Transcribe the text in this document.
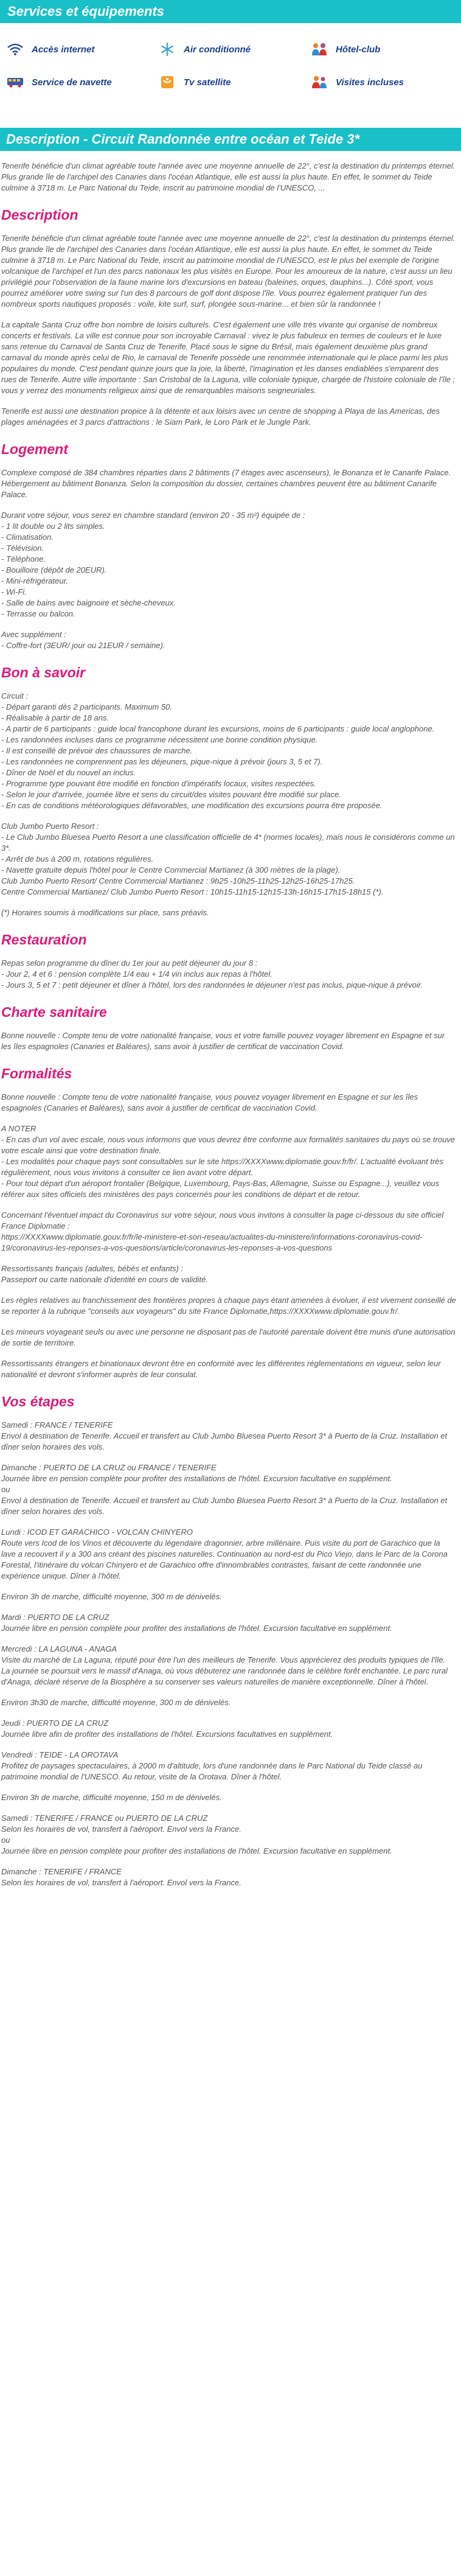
Services et équipements
Accès internet	Air conditionné	Hôtel-club
Service de navette	Tv satellite	Visites incluses
Description - Circuit Randonnée entre océan et Teide 3*

Tenerife bénéficie d'un climat agréable toute l'année avec une moyenne annuelle de 22°, c'est la destination du printemps éternel. Plus grande île de l'archipel des Canaries dans l'océan Atlantique, elle est aussi la plus haute. En effet, le sommet du Teide culmine à 3718 m. Le Parc National du Teide, inscrit au patrimoine mondial de l'UNESCO, ...

Description

Tenerife bénéficie d'un climat agréable toute l'année avec une moyenne annuelle de 22°, c'est la destination du printemps éternel. Plus grande île de l'archipel des Canaries dans l'océan Atlantique, elle est aussi la plus haute. En effet, le sommet du Teide culmine à 3718 m. Le Parc National du Teide, inscrit au patrimoine mondial de l'UNESCO, est le plus bel exemple de l'origine volcanique de l'archipel et l'un des parcs nationaux les plus visités en Europe. Pour les amoureux de la nature, c'est aussi un lieu privilégié pour l'observation de la faune marine lors d'excursions en bateau (baleines, orques, dauphins...). Côté sport, vous pourrez améliorer votre swing sur l'un des 8 parcours de golf dont dispose l'île. Vous pourrez également pratiquer l'un des nombreux sports nautiques proposés : voile, kite surf, surf, plongée sous-marine... et bien sûr la randonnée !

La capitale Santa Cruz offre bon nombre de loisirs culturels. C'est également une ville très vivante qui organise de nombreux concerts et festivals. La ville est connue pour son incroyable Carnaval : vivez le plus fabuleux en termes de couleurs et le luxe sans retenue du Carnaval de Santa Cruz de Tenerife. Placé sous le signe du Brésil, mais également deuxième plus grand carnaval du monde après celui de Rio, le carnaval de Tenerife possède une renommée internationale qui le place parmi les plus populaires du monde. C'est pendant quinze jours que la joie, la liberté, l'imagination et les danses endiablées s'emparent des rues de Tenerife. Autre ville importante : San Cristobal de la Laguna, ville coloniale typique, chargée de l'histoire coloniale de l'île ; vous y verrez des monuments religieux ainsi que de remarquables maisons seigneuriales.

Tenerife est aussi une destination propice à la détente et aux loisirs avec un centre de shopping à Playa de las Americas, des plages aménagées et 3 parcs d'attractions : le Siam Park, le Loro Park et le Jungle Park.

Logement

Complexe composé de 384 chambres réparties dans 2 bâtiments (7 étages avec ascenseurs), le Bonanza et le Canarife Palace.
Hébergement au bâtiment Bonanza. Selon la composition du dossier, certaines chambres peuvent être au bâtiment Canarife Palace.

Durant votre séjour, vous serez en chambre standard (environ 20 - 35 m²) équipée de :
- 1 lit double ou 2 lits simples.
- Climatisation.
- Télévision.
- Téléphone.
- Bouilloire (dépôt de 20EUR).
- Mini-réfrigérateur.
- Wi-Fi.
- Salle de bains avec baignoire et sèche-cheveux.
- Terrasse ou balcon.

Avec supplément :
- Coffre-fort (3EUR/ jour ou 21EUR / semaine).

Bon à savoir

Circuit :
- Départ garanti dès 2 participants. Maximum 50.
- Réalisable à partir de 18 ans.
- A partir de 6 participants : guide local francophone durant les excursions, moins de 6 participants : guide local anglophone.
- Les randonnées incluses dans ce programme nécessitent une bonne condition physique.
- Il est conseillé de prévoir des chaussures de marche.
- Les randonnées ne comprennent pas les déjeuners, pique-nique à prévoir (jours 3, 5 et 7).
- Dîner de Noël et du nouvel an inclus.
- Programme type pouvant être modifié en fonction d'impératifs locaux, visites respectées.
- Selon le jour d'arrivée, journée libre et sens du circuit/des visites pouvant être modifié sur place.
- En cas de conditions météorologiques défavorables, une modification des excursions pourra être proposée.

Club Jumbo Puerto Resort :
- Le Club Jumbo Bluesea Puerto Resort a une classification officielle de 4* (normes locales), mais nous le considérons comme un 3*.
- Arrêt de bus à 200 m, rotations régulières.
- Navette gratuite depuis l'hôtel pour le Centre Commercial Martianez (à 300 mètres de la plage).
Club Jumbo Puerto Resort/ Centre Commercial Martianez : 9h25 -10h25-11h25-12h25-16h25-17h25.
Centre Commercial Martianez/ Club Jumbo Puerto Resort : 10h15-11h15-12h15-13h-16h15-17h15-18h15 (*).

(*) Horaires soumis à modifications sur place, sans préavis.

Restauration

Repas selon programme du dîner du 1er jour au petit déjeuner du jour 8 :
- Jour 2, 4 et 6 : pension complète 1/4 eau + 1/4 vin inclus aux repas à l'hôtel.
- Jours 3, 5 et 7 : petit déjeuner et dîner à l'hôtel, lors des randonnées le déjeuner n'est pas inclus, pique-nique à prévoir.

Charte sanitaire

Bonne nouvelle : Compte tenu de votre nationalité française, vous et votre famille pouvez voyager librement en Espagne et sur les îles espagnoles (Canaries et Baléares), sans avoir à justifier de certificat de vaccination Covid.

Formalités

Bonne nouvelle : Compte tenu de votre nationalité française, vous pouvez voyager librement en Espagne et sur les îles espagnoles (Canaries et Baléares), sans avoir à justifier de certificat de vaccination Covid.

A NOTER
- En cas d'un vol avec escale, nous vous informons que vous devrez être conforme aux formalités sanitaires du pays où se trouve votre escale ainsi que votre destination finale.
- Les modalités pour chaque pays sont consultables sur le site https://XXXXwww.diplomatie.gouv.fr/fr/. L'actualité évoluant très régulièrement, nous vous invitons à consulter ce lien avant votre départ.
- Pour tout départ d'un aéroport frontalier (Belgique, Luxembourg, Pays-Bas, Allemagne, Suisse ou Espagne...), veuillez vous référer aux sites officiels des ministères des pays concernés pour les conditions de départ et de retour.

Concernant l'éventuel impact du Coronavirus sur votre séjour, nous vous invitons à consulter la page ci-dessous du site officiel France Diplomatie :
https://XXXXwww.diplomatie.gouv.fr/fr/le-ministere-et-son-reseau/actualites-du-ministere/informations-coronavirus-covid-19/coronavirus-les-reponses-a-vos-questions/article/coronavirus-les-reponses-a-vos-questions

Ressortissants français (adultes, bébés et enfants) :
Passeport ou carte nationale d'identité en cours de validité.

Les règles relatives au franchissement des frontières propres à chaque pays étant amenées à évoluer, il est vivement conseillé de se reporter à la rubrique "conseils aux voyageurs" du site France Diplomatie,https://XXXXwww.diplomatie.gouv.fr/.

Les mineurs voyageant seuls ou avec une personne ne disposant pas de l'autorité parentale doivent être munis d'une autorisation de sortie de territoire.

Ressortissants étrangers et binationaux devront être en conformité avec les différentes réglementations en vigueur, selon leur nationalité et devront s'informer auprès de leur consulat.

Vos étapes

Samedi : FRANCE / TENERIFE
Envol à destination de Tenerife. Accueil et transfert au Club Jumbo Bluesea Puerto Resort 3* à Puerto de la Cruz. Installation et dîner selon horaires des vols.

Dimanche : PUERTO DE LA CRUZ ou FRANCE / TENERIFE
Journée libre en pension complète pour profiter des installations de l'hôtel. Excursion facultative en supplément.
ou
Envol à destination de Tenerife. Accueil et transfert au Club Jumbo Bluesea Puerto Resort 3* à Puerto de la Cruz. Installation et dîner selon horaires des vols.

Lundi : ICOD ET GARACHICO - VOLCAN CHINYERO
Route vers Icod de los Vinos et découverte du légendaire dragonnier, arbre millénaire. Puis visite du port de Garachico que la lave a recouvert il y a 300 ans créant des piscines naturelles. Continuation au nord-est du Pico Viejo, dans le Parc de la Corona Forestal, l'itinéraire du volcan Chinyero et de Garachico offre d'innombrables contrastes, faisant de cette randonnée une expérience unique. Dîner à l'hôtel.

Environ 3h de marche, difficulté moyenne, 300 m de dénivelés.

Mardi : PUERTO DE LA CRUZ
Journée libre en pension complète pour profiter des installations de l'hôtel. Excursion facultative en supplément.

Mercredi : LA LAGUNA - ANAGA
Visite du marché de La Laguna, réputé pour être l'un des meilleurs de Tenerife. Vous apprécierez des produits typiques de l'île. La journée se poursuit vers le massif d'Anaga, où vous débuterez une randonnée dans le célèbre forêt enchantée. Le parc rural d'Anaga, déclaré réserve de la Biosphère a su conserver ses valeurs naturelles de manière exceptionnelle. Dîner à l'hôtel.

Environ 3h30 de marche, difficulté moyenne, 300 m de dénivelés.

Jeudi : PUERTO DE LA CRUZ
Journée libre afin de profiter des installations de l'hôtel. Excursions facultatives en supplément.

Vendredi : TEIDE - LA OROTAVA
Profitez de paysages spectaculaires, à 2000 m d'altitude, lors d'une randonnée dans le Parc National du Teide classé au patrimoine mondial de l'UNESCO. Au retour, visite de la Orotava. Dîner à l'hôtel.

Environ 3h de marche, difficulté moyenne, 150 m de dénivelés.

Samedi : TENERIFE / FRANCE ou PUERTO DE LA CRUZ
Selon les horaires de vol, transfert à l'aéroport. Envol vers la France.
ou
Journée libre en pension complète pour profiter des installations de l'hôtel. Excursion facultative en supplément.

Dimanche : TENERIFE / FRANCE
Selon les horaires de vol, transfert à l'aéroport. Envol vers la France.
